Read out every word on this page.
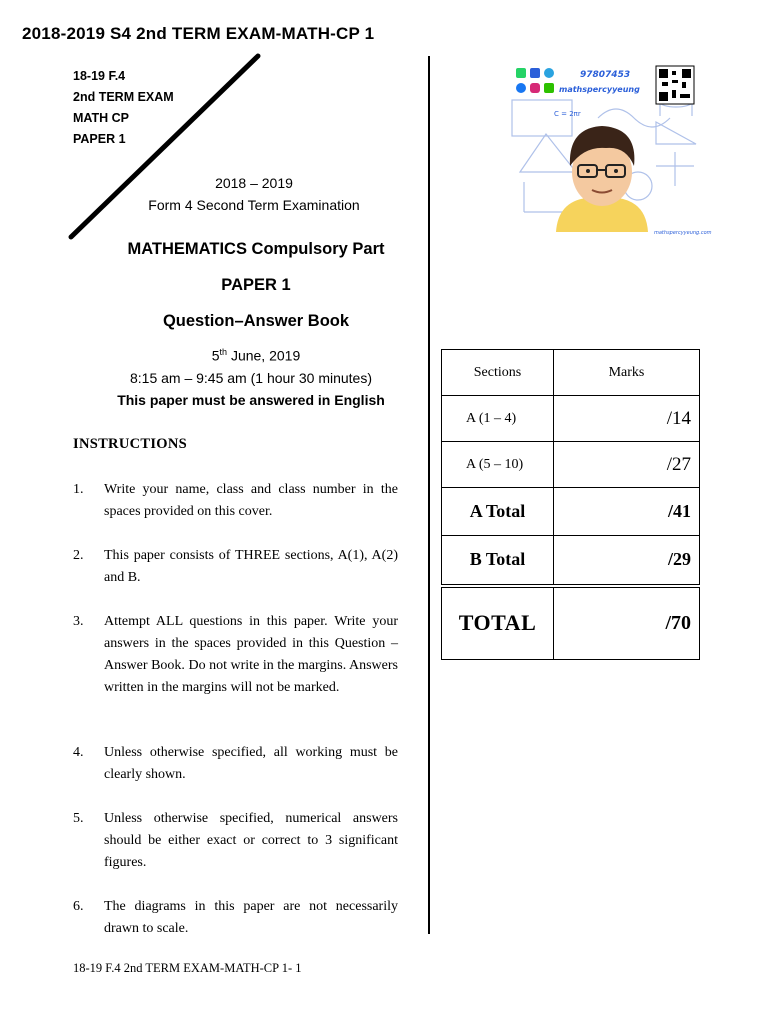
2018-2019 S4 2nd TERM EXAM-MATH-CP 1
18-19 F.4
2nd TERM EXAM
MATH CP
PAPER 1
2018 – 2019
Form 4 Second Term Examination
MATHEMATICS Compulsory Part
PAPER 1
Question–Answer Book
5th June, 2019
8:15 am – 9:45 am (1 hour 30 minutes)
This paper must be answered in English
C = 2πr
97807453
mathspercyyeung
mathspercyyeung.com
Sections	Marks
A (1 – 4)	/14
A (5 – 10)	/27
A Total	/41
B Total	/29
TOTAL	/70
INSTRUCTIONS
1. Write your name, class and class number in the spaces provided on this cover.
2. This paper consists of THREE sections, A(1), A(2) and B.
3. Attempt ALL questions in this paper. Write your answers in the spaces provided in this Question – Answer Book. Do not write in the margins. Answers written in the margins will not be marked.
4. Unless otherwise specified, all working must be clearly shown.
5. Unless otherwise specified, numerical answers should be either exact or correct to 3 significant figures.
6. The diagrams in this paper are not necessarily drawn to scale.
18-19 F.4 2nd TERM EXAM-MATH-CP 1- 1
